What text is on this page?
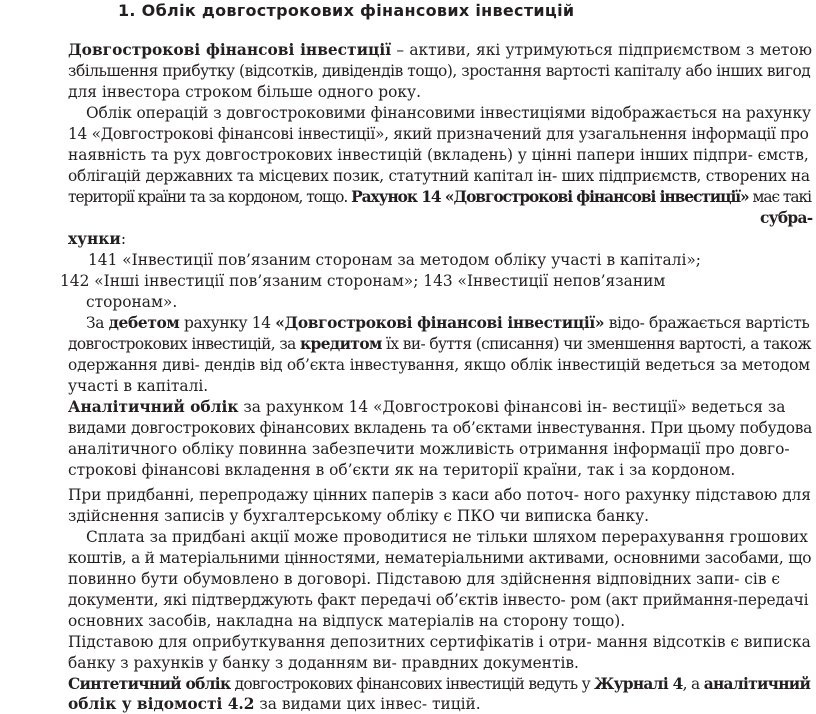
1. Облік довгострокових фінансових інвестицій
Довгострокові фінансові інвестиції – активи, які утримуються підприємством з метою
збільшення прибутку (відсотків, дивідендів тощо), зростання вартості капіталу або інших вигод
для інвестора строком більше одного року.
Облік операцій з довгостроковими фінансовими інвестиціями відображається на рахунку
14 «Довгострокові фінансові інвестиції», який призначений для узагальнення інформації про
наявність та рух довгострокових інвестицій (вкладень) у цінні папери інших підпри- ємств,
облігацій державних та місцевих позик, статутний капітал ін- ших підприємств, створених на
території країни та за кордоном, тощо. Рахунок 14 «Довгострокові фінансові інвестиції» має такі
субра-
хунки:
141 «Інвестиції пов’язаним сторонам за методом обліку участі в капіталі»;
142 «Інші інвестиції пов’язаним сторонам»; 143 «Інвестиції непов’язаним
сторонам».
За дебетом рахунку 14 «Довгострокові фінансові інвестиції» відо- бражається вартість
довгострокових інвестицій, за кредитом їх ви- буття (списання) чи зменшення вартості, а також
одержання диві- дендів від об’єкта інвестування, якщо облік інвестицій ведеться за методом
участі в капіталі.
Аналітичний облік за рахунком 14 «Довгострокові фінансові ін- вестиції» ведеться за
видами довгострокових фінансових вкладень та об’єктами інвестування. При цьому побудова
аналітичного обліку повинна забезпечити можливість отримання інформації про довго-
строкові фінансові вкладення в об’єкти як на території країни, так і за кордоном.
При придбанні, перепродажу цінних паперів з каси або поточ- ного рахунку підставою для
здійснення записів у бухгалтерському обліку є ПКО чи виписка банку.
Сплата за придбані акції може проводитися не тільки шляхом перерахування грошових
коштів, а й матеріальними цінностями, нематеріальними активами, основними засобами, що
повинно бути обумовлено в договорі. Підставою для здійснення відповідних запи- сів є
документи, які підтверджують факт передачі об’єктів інвесто- ром (акт приймання-передачі
основних засобів, накладна на відпуск матеріалів на сторону тощо).
Підставою для оприбуткування депозитних сертифікатів і отри- мання відсотків є виписка
банку з рахунків у банку з доданням ви- правдних документів.
Синтетичний облік довгострокових фінансових інвестицій ведуть у Журналі 4, а аналітичний
облік у відомості 4.2 за видами цих інвес- тицій.
